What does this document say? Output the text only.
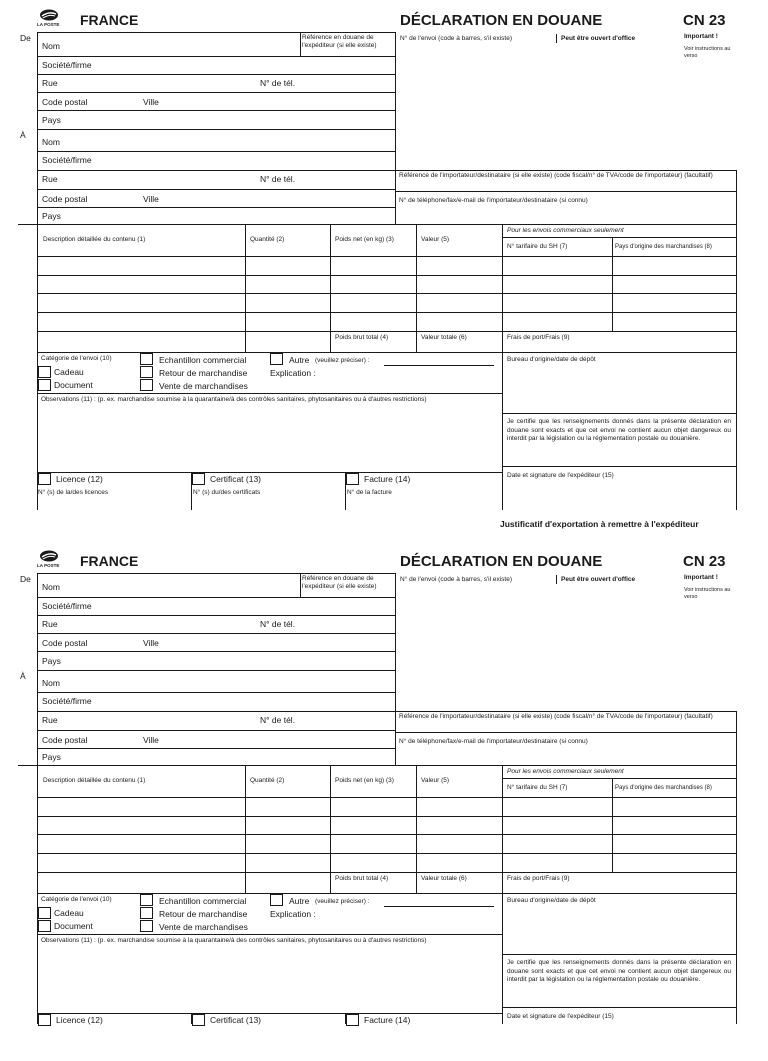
LA POSTE FRANCE	DÉCLARATION EN DOUANE	CN 23
Important !
Voir instructions au verso
De
À
Nom
Référence en douane de l'expéditeur (si elle existe)
Société/firme
Rue	N° de tél.
Code postal	Ville
Pays
Nom
Société/firme
Rue	N° de tél.
Code postal	Ville
Pays
N° de l'envoi (code à barres, s'il existe)	Peut être ouvert d'office
Référence de l'importateur/destinataire (si elle existe) (code fiscal/n° de TVA/code de l'importateur) (facultatif)
N° de téléphone/fax/e-mail de l'importateur/destinataire (si connu)
Description détaillée du contenu (1)	Quantité (2)	Poids net (en kg) (3)	Valeur (5)
Pour les envois commerciaux seulement
N° tarifaire du SH (7)	Pays d'origine des marchandises (8)
Poids brut total (4)	Valeur totale (6)	Frais de port/Frais (9)
Catégorie de l'envoi (10)	Echantillon commercial	Autre (veuillez préciser) :
Cadeau	Retour de marchandise	Explication :
Document	Vente de marchandises
Bureau d'origine/date de dépôt
Observations (11) : (p. ex. marchandise soumise à la quarantaine/à des contrôles sanitaires, phytosanitaires ou à d'autres restrictions)
Je certifie que les renseignements donnés dans la présente déclaration en douane sont exacts et que cet envoi ne contient aucun objet dangereux ou interdit par la législation ou la réglementation postale ou douanière.
Date et signature de l'expéditeur (15)
Licence (12)
N° (s) de la/des licences
Certificat (13)
N° (s) du/des certificats
Facture (14)
N° de la facture
Justificatif d'exportation à remettre à l'expéditeur
LA POSTE FRANCE	DÉCLARATION EN DOUANE	CN 23
Important !
Voir instructions au verso
De
À
Nom
Référence en douane de l'expéditeur (si elle existe)
Société/firme
Rue	N° de tél.
Code postal	Ville
Pays
Nom
Société/firme
Rue	N° de tél.
Code postal	Ville
Pays
N° de l'envoi (code à barres, s'il existe)	Peut être ouvert d'office
Référence de l'importateur/destinataire (si elle existe) (code fiscal/n° de TVA/code de l'importateur) (facultatif)
N° de téléphone/fax/e-mail de l'importateur/destinataire (si connu)
Description détaillée du contenu (1)	Quantité (2)	Poids net (en kg) (3)	Valeur (5)
Pour les envois commerciaux seulement
N° tarifaire du SH (7)	Pays d'origine des marchandises (8)
Poids brut total (4)	Valeur totale (6)	Frais de port/Frais (9)
Catégorie de l'envoi (10)	Echantillon commercial	Autre (veuillez préciser) :
Cadeau	Retour de marchandise	Explication :
Document	Vente de marchandises
Bureau d'origine/date de dépôt
Observations (11) : (p. ex. marchandise soumise à la quarantaine/à des contrôles sanitaires, phytosanitaires ou à d'autres restrictions)
Je certifie que les renseignements donnés dans la présente déclaration en douane sont exacts et que cet envoi ne contient aucun objet dangereux ou interdit par la législation ou la réglementation postale ou douanière.
Date et signature de l'expéditeur (15)
Licence (12)	Certificat (13)	Facture (14)
